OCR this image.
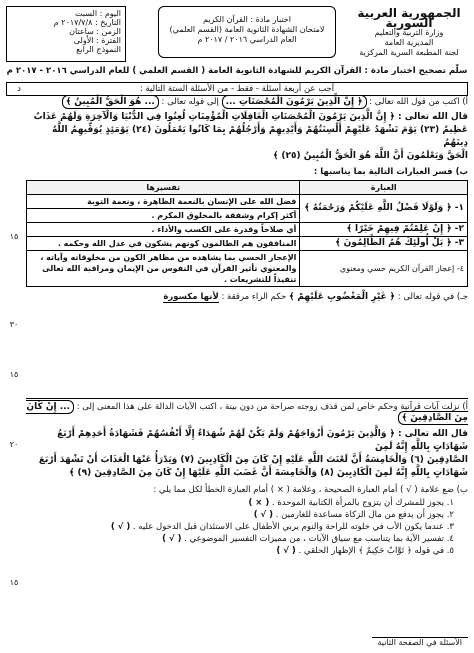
الجمهورية العربية السورية
وزارة التربية والتعليم
المديرية العامة
لجنة المطبعة السرية المركزية
اختبار مادة : القرآن الكريم
لامتحان الشهادة الثانوية العامة (القسم العلمي)
العام الدراسي ٢٠١٦ / ٢٠١٧ م
اليوم : السبت
التاريخ : ٢٠١٧/٧/٨ م
الزمن : ساعتان
الفترة : الأولى
النموذج الرابع
سلّم تصحيح اختبار مادة : القرآن الكريم للشهادة الثانوية العامة ( القسم العلمي ) للعام الدراسي ٢٠١٦ - ٢٠١٧ م
أجب عن أربعة أسئلة - فقط - من الأسئلة الستة التالية :
د
أ) اكتب من قول الله تعالى : ﴿ إِنَّ الَّذِينَ يَرْمُونَ الْمُحْصَنَاتِ ... إلى قوله تعالى : ... هُوَ الْحَقُّ الْمُبِينُ ﴾
قال الله تعالى : ﴿ إِنَّ الَّذِينَ يَرْمُونَ الْمُحْصَنَاتِ الْغَافِلَاتِ الْمُؤْمِنَاتِ لُعِنُوا فِي الدُّنْيَا وَالْآخِرَةِ وَلَهُمْ عَذَابٌ
عَظِيمٌ (٢٣) يَوْمَ تَشْهَدُ عَلَيْهِمْ أَلْسِنَتُهُمْ وَأَيْدِيهِمْ وَأَرْجُلُهُمْ بِمَا كَانُوا يَعْمَلُونَ (٢٤) يَوْمَئِذٍ يُوَفِّيهِمُ اللَّهُ دِينَهُمُ
الْحَقَّ وَيَعْلَمُونَ أَنَّ اللَّهَ هُوَ الْحَقُّ الْمُبِينُ (٢٥) ﴾
ب) فسر العبارات التالية بما يناسبها :
العبارة	تفسيرها
١- ﴿ وَلَوْلَا فَضْلُ اللَّهِ عَلَيْكُمْ وَرَحْمَتُهُ ﴾	فضل الله على الإنسان بالنعمة الظاهرة ، ونعمة التوبة
	أكثر إكرام وشفقة بالمخلوق المكرم .
٢- ﴿ إِنْ عَلِمْتُمْ فِيهِمْ خَيْرًا ﴾	أي صلاحاً وقدرة على الكسب والأداء .
٣- ﴿ بَلْ أُولَئِكَ هُمُ الظَّالِمُونَ ﴾	المنافقون هم الظالمون كونهم يشكون في عدل الله وحكمه .
٤- إعجاز القرآن الكريم حسي ومعنوي	الإعجاز الحسي بما يشاهده من مظاهر الكون من مخلوقاته وآياته ، والمعنوي تأثير القرآن في النفوس من الإيمان ومراقبة الله تعالى تنفيذاً للتشريعات .
جـ) في قوله تعالى : ﴿ غَيْرِ الْمَغْضُوبِ عَلَيْهِمْ ﴾ حكم الراء مرققة : لأنها مكسورة
١٥
٣٠
١٥
أ) نزلت آيات قرآنية وحكم خاص لمن قذف زوجته صراحة من دون بينة ، اكتب الآيات الدالة على هذا المعنى إلى : ... إِنْ كَانَ مِنَ الصَّادِقِينَ ﴾
قال الله تعالى : ﴿ وَالَّذِينَ يَرْمُونَ أَزْوَاجَهُمْ وَلَمْ يَكُنْ لَهُمْ شُهَدَاءُ إِلَّا أَنْفُسُهُمْ فَشَهَادَةُ أَحَدِهِمْ أَرْبَعُ شَهَادَاتٍ بِاللَّهِ إِنَّهُ لَمِنَ
الصَّادِقِينَ (٦) وَالْخَامِسَةُ أَنَّ لَعْنَتَ اللَّهِ عَلَيْهِ إِنْ كَانَ مِنَ الْكَاذِبِينَ (٧) وَيَدْرَأُ عَنْهَا الْعَذَابَ أَنْ تَشْهَدَ أَرْبَعَ
شَهَادَاتٍ بِاللَّهِ إِنَّهُ لَمِنَ الْكَاذِبِينَ (٨) وَالْخَامِسَةَ أَنَّ غَضَبَ اللَّهِ عَلَيْهَا إِنْ كَانَ مِنَ الصَّادِقِينَ (٩) ﴾
ب) ضع علامة ( √ ) أمام العبارة الصحيحة ، وعلامة ( × ) أمام العبارة الخطأ لكل مما يلي :
١. يجوز للمشرك أن يتزوج بالمرأة الكتابية الموحدة . ( × )
٢. يجوز أن يدفع من مال الزكاة مساعدة للغارمين . ( √ )
٣. عندما يكون الأب في خلوته للراحة والنوم يربي الأطفال على الاستئذان قبل الدخول عليه . ( √ )
٤. تفسير الآية بما يتناسب مع سياق الآيات ، من مميزات التفسير الموضوعي . ( √ )
٥. في قوله ﴿ تَوَّابٌ حَكِيمٌ ﴾ الإظهار الحلقي . ( √ )
٢٠
١٥
الأسئلة في الصفحة الثانية
